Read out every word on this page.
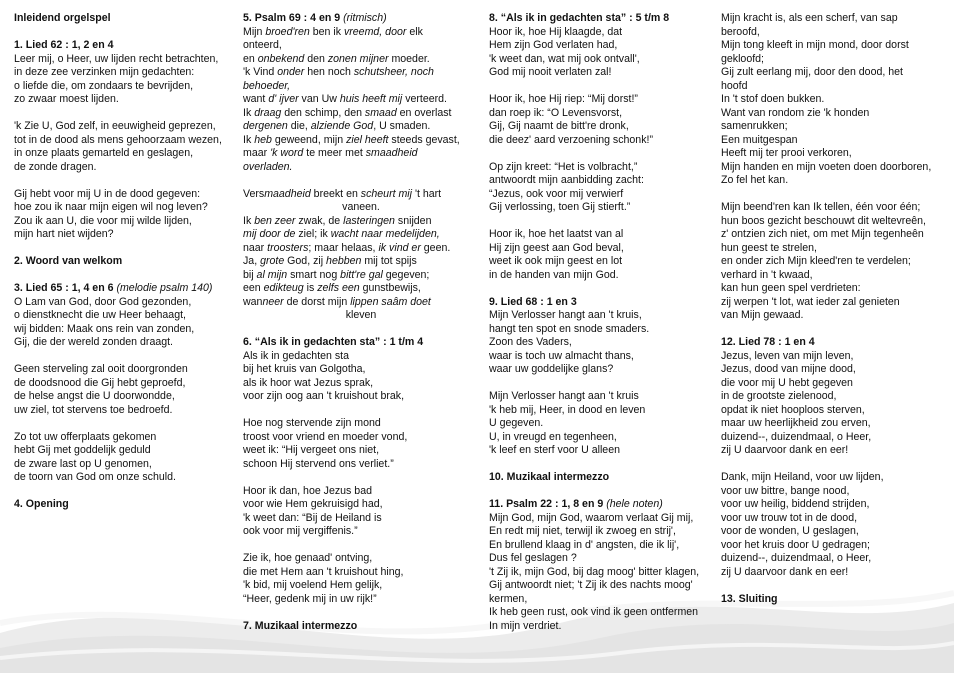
Inleidend orgelspel
1. Lied 62 : 1, 2 en 4
Leer mij, o Heer, uw lijden recht betrachten,
in deze zee verzinken mijn gedachten:
o liefde die, om zondaars te bevrijden,
zo zwaar moest lijden.
'k Zie U, God zelf, in eeuwigheid geprezen,
tot in de dood als mens gehoorzaam wezen,
in onze plaats gemarteld en geslagen,
de zonde dragen.
Gij hebt voor mij U in de dood gegeven:
hoe zou ik naar mijn eigen wil nog leven?
Zou ik aan U, die voor mij wilde lijden,
mijn hart niet wijden?
2. Woord van welkom
3. Lied 65 : 1, 4 en 6 (melodie psalm 140)
O Lam van God, door God gezonden,
o dienstknecht die uw Heer behaagt,
wij bidden: Maak ons rein van zonden,
Gij, die der wereld zonden draagt.
Geen sterveling zal ooit doorgronden
de doodsnood die Gij hebt geproefd,
de helse angst die U doorwondde,
uw ziel, tot stervens toe bedroefd.
Zo tot uw offerplaats gekomen
hebt Gij met goddelijk geduld
de zware last op U genomen,
de toorn van God om onze schuld.
4. Opening
5. Psalm 69 : 4 en 9 (ritmisch)
Mijn broed'ren ben ik vreemd, door elk
onteerd,
en onbekend den zonen mijner moeder.
'k Vind onder hen noch schutsheer, noch
behoeder,
want d' ijver van Uw huis heeft mij verteerd.
Ik draag den schimp, den smaad en overlast
dergenen die, alziende God, U smaden.
Ik heb geweend, mijn ziel heeft steeds gevast,
maar 'k word te meer met smaadheid
overladen.
Versmaadheid breekt en scheurt mij 't hart
vaneen.
Ik ben zeer zwak, de lasteringen snijden
mij door de ziel; ik wacht naar medelijden,
naar troosters; maar helaas, ik vind er geen.
Ja, grote God, zij hebben mij tot spijs
bij al mijn smart nog bitt're gal gegeven;
een edikteug is zelfs een gunstbewijs,
wanneer de dorst mijn lippen saâm doet
kleven
6. “Als ik in gedachten sta” : 1 t/m 4
Als ik in gedachten sta
bij het kruis van Golgotha,
als ik hoor wat Jezus sprak,
voor zijn oog aan 't kruishout brak,
Hoe nog stervende zijn mond
troost voor vriend en moeder vond,
weet ik: “Hij vergeet ons niet,
schoon Hij stervend ons verliet.”
Hoor ik dan, hoe Jezus bad
voor wie Hem gekruisigd had,
'k weet dan: “Bij de Heiland is
ook voor mij vergiffenis.”
Zie ik, hoe genaad' ontving,
die met Hem aan 't kruishout hing,
'k bid, mij voelend Hem gelijk,
“Heer, gedenk mij in uw rijk!”
7. Muzikaal intermezzo
8. “Als ik in gedachten sta” : 5 t/m 8
Hoor ik, hoe Hij klaagde, dat
Hem zijn God verlaten had,
'k weet dan, wat mij ook ontvall',
God mij nooit verlaten zal!
Hoor ik, hoe Hij riep: “Mij dorst!”
dan roep ik: “O Levensvorst,
Gij, Gij naamt de bitt're dronk,
die deez' aard verzoening schonk!”
Op zijn kreet: “Het is volbracht,”
antwoordt mijn aanbidding zacht:
“Jezus, ook voor mij verwierf
Gij verlossing, toen Gij stierft.”
Hoor ik, hoe het laatst van al
Hij zijn geest aan God beval,
weet ik ook mijn geest en lot
in de handen van mijn God.
9. Lied 68 : 1 en 3
Mijn Verlosser hangt aan 't kruis,
hangt ten spot en snode smaders.
Zoon des Vaders,
waar is toch uw almacht thans,
waar uw goddelijke glans?
Mijn Verlosser hangt aan 't kruis
'k heb mij, Heer, in dood en leven
U gegeven.
U, in vreugd en tegenheen,
'k leef en sterf voor U alleen
10. Muzikaal intermezzo
11. Psalm 22 : 1, 8 en 9 (hele noten)
Mijn God, mijn God, waarom verlaat Gij mij,
En redt mij niet, terwijl ik zwoeg en strij',
En brullend klaag in d' angsten, die ik lij',
Dus fel geslagen ?
't Zij ik, mijn God, bij dag moog' bitter klagen,
Gij antwoordt niet; 't Zij ik des nachts moog'
kermen,
Ik heb geen rust, ook vind ik geen ontfermen
In mijn verdriet.
Mijn kracht is, als een scherf, van sap
beroofd,
Mijn tong kleeft in mijn mond, door dorst
gekloofd;
Gij zult eerlang mij, door den dood, het
hoofd
In 't stof doen bukken.
Want van rondom zie 'k honden
samenrukken;
Een muitgespan
Heeft mij ter prooi verkoren,
Mijn handen en mijn voeten doen doorboren,
Zo fel het kan.
Mijn beend'ren kan Ik tellen, één voor één;
hun boos gezicht beschouwt dit weltevreên,
z' ontzien zich niet, om met Mijn tegenheên
hun geest te strelen,
en onder zich Mijn kleed'ren te verdelen;
verhard in 't kwaad,
kan hun geen spel verdrieten:
zij werpen 't lot, wat ieder zal genieten
van Mijn gewaad.
12. Lied 78 : 1 en 4
Jezus, leven van mijn leven,
Jezus, dood van mijne dood,
die voor mij U hebt gegeven
in de grootste zielenood,
opdat ik niet hooploos sterven,
maar uw heerlijkheid zou erven,
duizend--, duizendmaal, o Heer,
zij U daarvoor dank en eer!
Dank, mijn Heiland, voor uw lijden,
voor uw bittre, bange nood,
voor uw heilig, biddend strijden,
voor uw trouw tot in de dood,
voor de wonden, U geslagen,
voor het kruis door U gedragen;
duizend--, duizendmaal, o Heer,
zij U daarvoor dank en eer!
13. Sluiting
